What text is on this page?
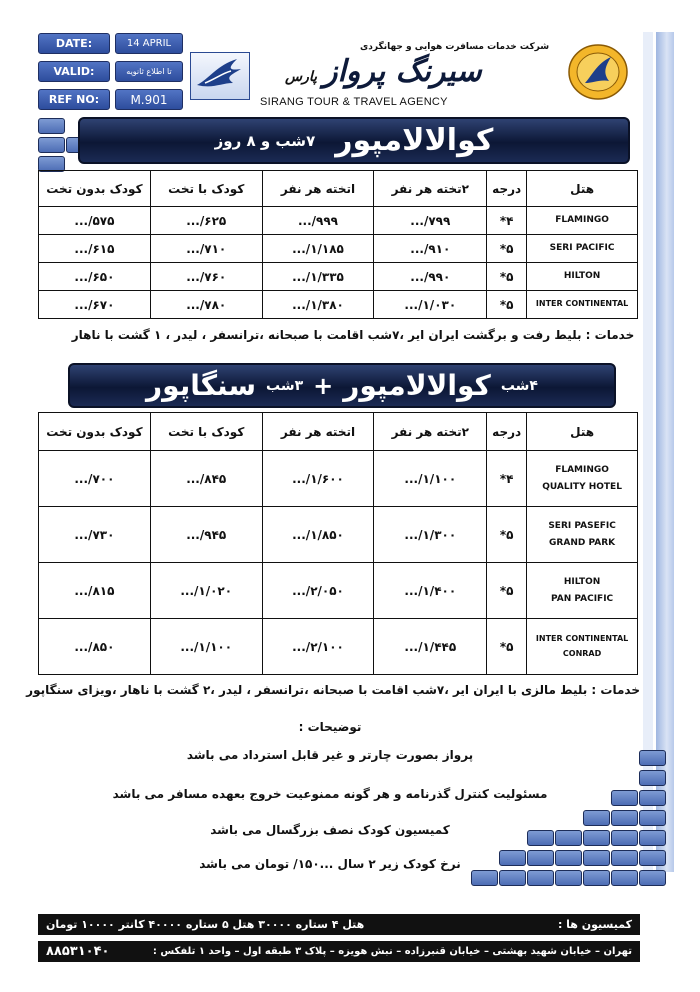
DATE:	14 APRIL
VALID:	تا اطلاع ثانویه
REF NO:	M.901
شرکت خدمات مسافرت هوایی و جهانگردی
سیرنگ پرواز
پارس
SIRANG TOUR & TRAVEL AGENCY
کوالالامپور
۷شب و ۸ روز
هتل	درجه	۲تخته هر نفر	اتخته هر نفر	کودک با تخت	کودک بدون تخت
FLAMINGO	۴*	۷۹۹/...	۹۹۹/...	۶۲۵/...	۵۷۵/...
SERI PACIFIC	۵*	۹۱۰/...	۱/۱۸۵/...	۷۱۰/...	۶۱۵/...
HILTON	۵*	۹۹۰/...	۱/۳۳۵/...	۷۶۰/...	۶۵۰/...
INTER CONTINENTAL	۵*	۱/۰۳۰/...	۱/۳۸۰/...	۷۸۰/...	۶۷۰/...
خدمات : بلیط رفت و برگشت ایران ایر ،۷شب اقامت با صبحانه ،ترانسفر ، لیدر ، ۱ گشت با ناهار
۴شب
کوالالامپور
+
۳شب
سنگاپور
هتل	درجه	۲تخته هر نفر	اتخته هر نفر	کودک با تخت	کودک بدون تخت

FLAMINGO
QUALITY HOTEL	۴*	۱/۱۰۰/...	۱/۶۰۰/...	۸۴۵/...	۷۰۰/...

SERI PASEFIC
GRAND PARK	۵*	۱/۳۰۰/...	۱/۸۵۰/...	۹۴۵/...	۷۳۰/...

HILTON
PAN PACIFIC	۵*	۱/۴۰۰/...	۲/۰۵۰/...	۱/۰۲۰/...	۸۱۵/...

INTER CONTINENTAL
CONRAD	۵*	۱/۴۴۵/...	۲/۱۰۰/...	۱/۱۰۰/...	۸۵۰/...
خدمات : بلیط مالزی با ایران ایر ،۷شب اقامت با صبحانه ،ترانسفر ، لیدر ،۲ گشت با ناهار ،ویزای سنگاپور
توضیحات :
پرواز بصورت چارتر و غیر قابل استرداد می باشد
مسئولیت کنترل گذرنامه و هر گونه ممنوعیت خروج بعهده مسافر می باشد
کمیسیون کودک نصف بزرگسال می باشد
نرخ کودک زیر ۲ سال ...۱۵۰/ تومان می باشد
کمیسیون ها :
هتل ۴ ستاره ۳۰۰۰۰ هتل ۵ ستاره ۴۰۰۰۰ کانتر ۱۰۰۰۰ تومان
تهران – خیابان شهید بهشتی – خیابان قنبرزاده – نبش هویزه – پلاک ۳ طبقه اول – واحد ۱ تلفکس :
۸۸۵۳۱۰۴۰
